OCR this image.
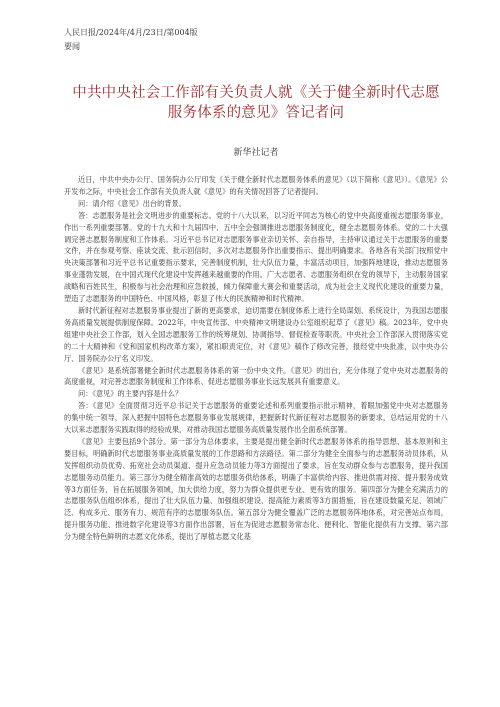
人民日报/2024年/4月/23日/第004版
要闻
中共中央社会工作部有关负责人就《关于健全新时代志愿服务体系的意见》答记者问
新华社记者

近日，中共中央办公厅、国务院办公厅印发《关于健全新时代志愿服务体系的意见》（以下简称《意见》）。《意见》公开发布之际，中央社会工作部有关负责人就《意见》的有关情况回答了记者提问。

问：请介绍《意见》出台的背景。

答：志愿服务是社会文明进步的重要标志。党的十八大以来，以习近平同志为核心的党中央高度重视志愿服务事业，作出一系列重要部署。党的十九大和十九届四中、五中全会强调推进志愿服务制度化，健全志愿服务体系。党的二十大强调完善志愿服务制度和工作体系。习近平总书记对志愿服务事业亲切关怀、亲自指导，主持审议通过关于志愿服务的重要文件，并在参观考察、座谈交流、批示回信时，多次对志愿服务作出重要指示、提出明确要求。各地各有关部门按照党中央决策部署和习近平总书记重要指示要求，完善制度机制，壮大队伍力量，丰富活动项目，加强阵地建设，推动志愿服务事业蓬勃发展，在中国式现代化建设中发挥越来越重要的作用。广大志愿者、志愿服务组织在党的领导下，主动服务国家战略和百姓民生，积极参与社会治理和应急救援，倾力保障重大赛会和重要活动，成为社会主义现代化建设的重要力量，塑造了志愿服务的中国特色、中国风格，彰显了伟大的民族精神和时代精神。

新时代新征程对志愿服务事业提出了新的更高要求，迫切需要在制度体系上进行全局谋划、系统设计，为我国志愿服务高质量发展提供制度保障。2022年，中央宣传部、中央精神文明建设办公室组织起草了《意见》稿。2023年，党中央组建中央社会工作部，划入全国志愿服务工作的统筹规划、协调指导、督促检查等职责。中央社会工作部深入贯彻落实党的二十大精神和《党和国家机构改革方案》，紧扣职责定位，对《意见》稿作了修改完善，报经党中央批准，以中央办公厅、国务院办公厅名义印发。

《意见》是系统部署健全新时代志愿服务体系的第一份中央文件。《意见》的出台，充分体现了党中央对志愿服务的高度重视，对完善志愿服务制度和工作体系、促进志愿服务事业长远发展具有重要意义。

问：《意见》的主要内容是什么？

答：《意见》全面贯彻习近平总书记关于志愿服务的重要论述和系列重要指示批示精神，着眼加强党中央对志愿服务的集中统一领导，深入把握中国特色志愿服务事业发展规律，把握新时代新征程对志愿服务的新要求，总结运用党的十八大以来志愿服务实践取得的经验成果，对推动我国志愿服务高质量发展作出全面系统部署。

《意见》主要包括9个部分。第一部分为总体要求，主要是提出健全新时代志愿服务体系的指导思想、基本原则和主要目标，明确新时代志愿服务事业高质量发展的工作思路和方法路径。第二部分为健全全面参与的志愿服务动员体系，从发挥组织动员优势、拓宽社会动员渠道、提升应急动员能力等3方面提出了要求，旨在发动群众参与志愿服务，提升我国志愿服务动员能力。第三部分为健全精准高效的志愿服务供给体系，明确了丰富供给内容、推进供需对接、提升服务成效等3方面任务，旨在拓展服务领域，加大供给力度，努力为群众提供更专业、更有效的服务。第四部分为健全充满活力的志愿服务队伍组织体系，提出了壮大队伍力量、加强组织建设、提高能力素质等3方面措施，旨在建设数量充足、领域广泛、构成多元、服务有力、规范有序的志愿服务队伍。第五部分为健全覆盖广泛的志愿服务阵地体系，对完善站点布局，提升服务功能、推进数字化建设等3方面作出部署，旨在为促进志愿服务常态化、便利化、智能化提供有力支撑。第六部分为健全特色鲜明的志愿文化体系，提出了厚植志愿文化基
